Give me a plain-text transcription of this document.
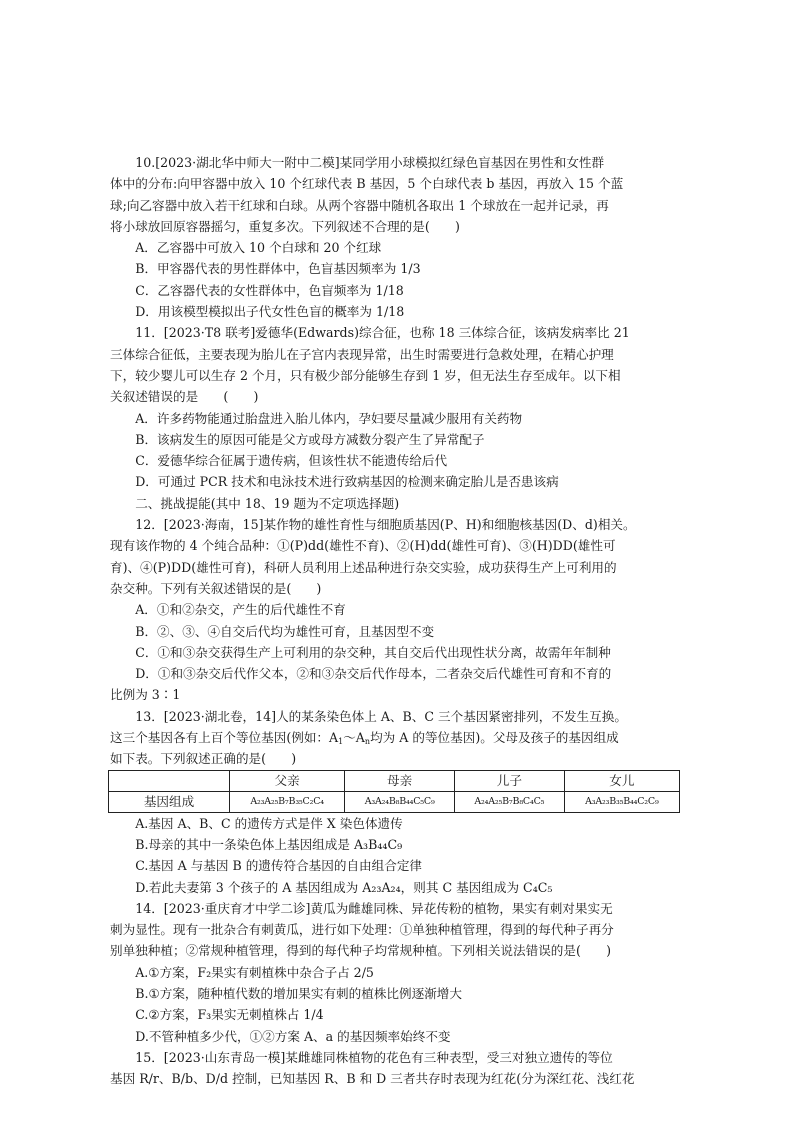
10.[2023·湖北华中师大一附中二模]某同学用小球模拟红绿色盲基因在男性和女性群

体中的分布:向甲容器中放入 10 个红球代表 B 基因，5 个白球代表 b 基因，再放入 15 个蓝

球;向乙容器中放入若干红球和白球。从两个容器中随机各取出 1 个球放在一起并记录，再

将小球放回原容器摇匀，重复多次。下列叙述不合理的是(　　)

A．乙容器中可放入 10 个白球和 20 个红球

B．甲容器代表的男性群体中，色盲基因频率为 1/3

C．乙容器代表的女性群体中，色盲频率为 1/18

D．用该模型模拟出子代女性色盲的概率为 1/18

11．[2023·T8 联考]爱德华(Edwards)综合征，也称 18 三体综合征，该病发病率比 21

三体综合征低，主要表现为胎儿在子宫内表现异常，出生时需要进行急救处理，在精心护理

下，较少婴儿可以生存 2 个月，只有极少部分能够生存到 1 岁，但无法生存至成年。以下相

关叙述错误的是　　(　　)

A．许多药物能通过胎盘进入胎儿体内，孕妇要尽量减少服用有关药物

B．该病发生的原因可能是父方或母方减数分裂产生了异常配子

C．爱德华综合征属于遗传病，但该性状不能遗传给后代

D．可通过 PCR 技术和电泳技术进行致病基因的检测来确定胎儿是否患该病

二、挑战提能(其中 18、19 题为不定项选择题)

12．[2023·海南，15]某作物的雄性育性与细胞质基因(P、H)和细胞核基因(D、d)相关。

现有该作物的 4 个纯合品种：①(P)dd(雄性不育)、②(H)dd(雄性可育)、③(H)DD(雄性可

育)、④(P)DD(雄性可育)，科研人员利用上述品种进行杂交实验，成功获得生产上可利用的

杂交种。下列有关叙述错误的是(　　)

A．①和②杂交，产生的后代雄性不育

B．②、③、④自交后代均为雄性可育，且基因型不变

C．①和③杂交获得生产上可利用的杂交种，其自交后代出现性状分离，故需年年制种

D．①和③杂交后代作父本，②和③杂交后代作母本，二者杂交后代雄性可育和不育的

比例为 3∶1

13．[2023·湖北卷，14]人的某条染色体上 A、B、C 三个基因紧密排列，不发生互换。

这三个基因各有上百个等位基因(例如：$A_1\sim A_n$均为 A 的等位基因)。父母及孩子的基因组成

如下表。下列叙述正确的是(　　)

	父亲	母亲	儿子	女儿
基因组成	A₂₃A₂₅B₇B₃₅C₂C₄	A₃A₂₄B₈B₄₄C₅C₉	A₂₄A₂₅B₇B₈C₄C₅	A₃A₂₃B₃₅B₄₄C₂C₉

A.基因 A、B、C 的遗传方式是伴 X 染色体遗传

B.母亲的其中一条染色体上基因组成是 A₃B₄₄C₉

C.基因 A 与基因 B 的遗传符合基因的自由组合定律

D.若此夫妻第 3 个孩子的 A 基因组成为 A₂₃A₂₄，则其 C 基因组成为 C₄C₅

14．[2023·重庆育才中学二诊]黄瓜为雌雄同株、异花传粉的植物，果实有刺对果实无

刺为显性。现有一批杂合有刺黄瓜，进行如下处理：①单独种植管理，得到的每代种子再分

别单独种植；②常规种植管理，得到的每代种子均常规种植。下列相关说法错误的是(　　)

A.①方案，F₂果实有刺植株中杂合子占 2/5

B.①方案，随种植代数的增加果实有刺的植株比例逐渐增大

C.②方案，F₃果实无刺植株占 1/4

D.不管种植多少代，①②方案 A、a 的基因频率始终不变

15．[2023·山东青岛一模]某雌雄同株植物的花色有三种表型，受三对独立遗传的等位

基因 R/r、B/b、D/d 控制，已知基因 R、B 和 D 三者共存时表现为红花(分为深红花、浅红花
